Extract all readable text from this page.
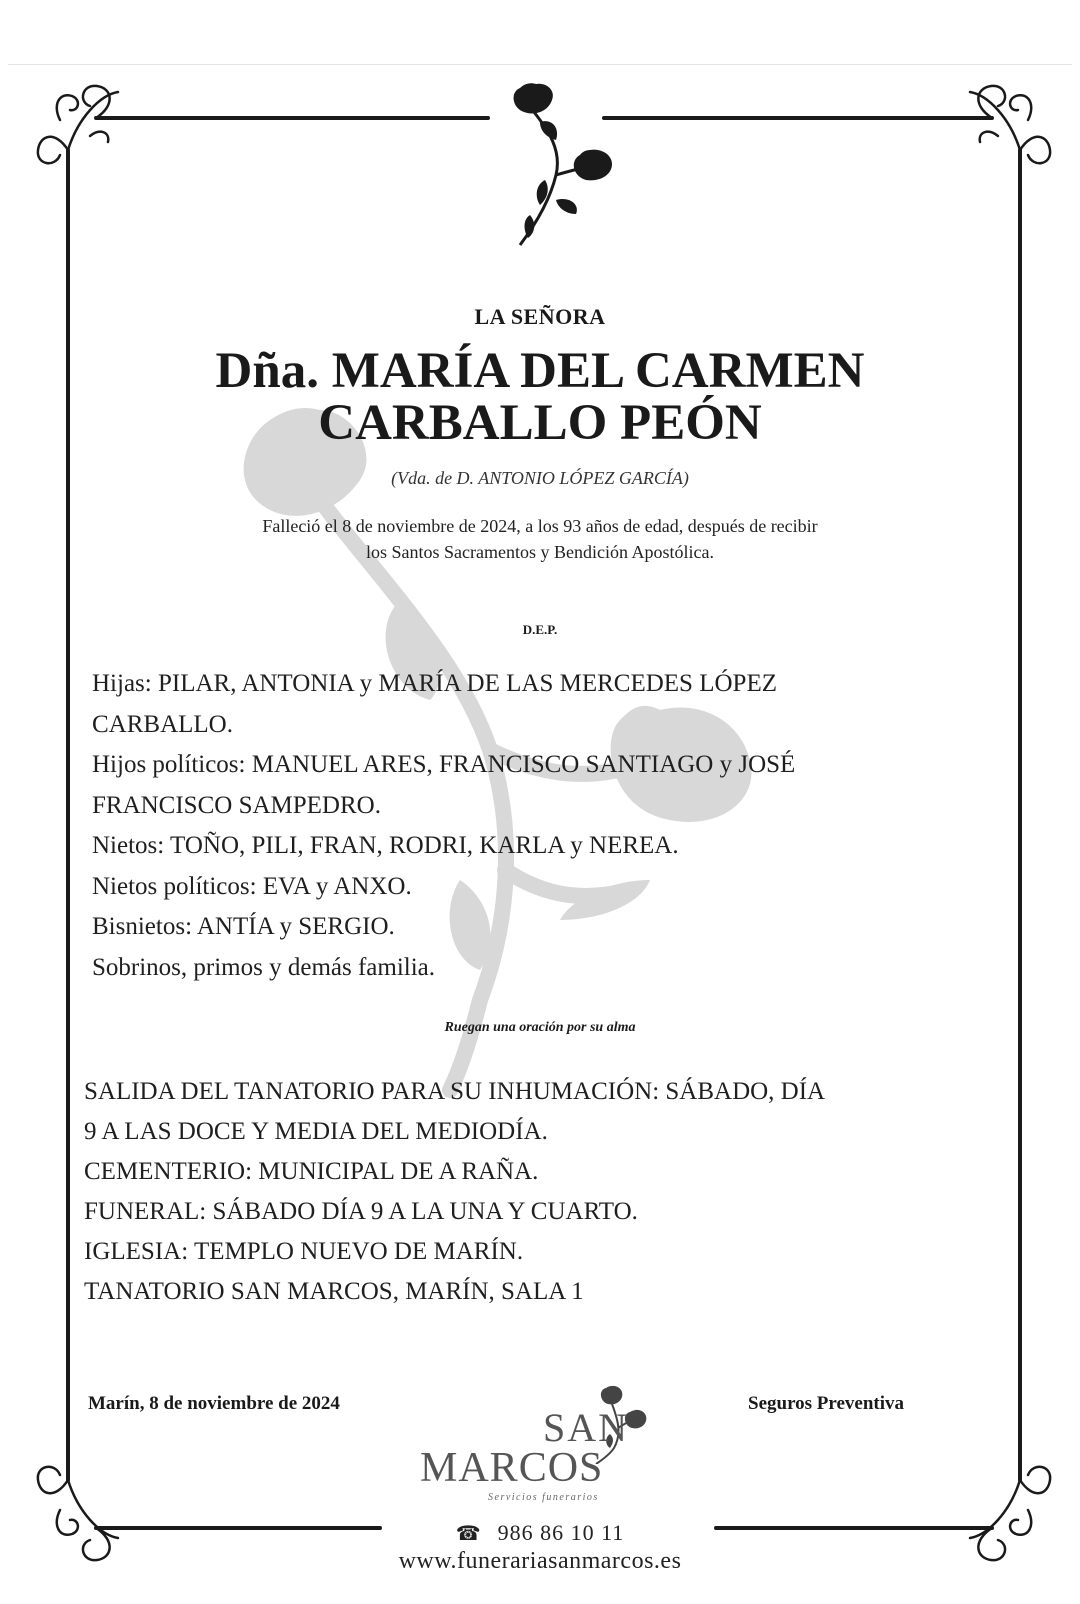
LA SEÑORA
Dña. MARÍA DEL CARMEN
CARBALLO PEÓN
(Vda. de D. ANTONIO LÓPEZ GARCÍA)
Falleció el 8 de noviembre de 2024, a los 93 años de edad, después de recibir
los Santos Sacramentos y Bendición Apostólica.
D.E.P.

Hijas: PILAR, ANTONIA y MARÍA DE LAS MERCEDES LÓPEZ

CARBALLO.

Hijos políticos: MANUEL ARES, FRANCISCO SANTIAGO y JOSÉ

FRANCISCO SAMPEDRO.

Nietos: TOÑO, PILI, FRAN, RODRI, KARLA y NEREA.

Nietos políticos: EVA y ANXO.

Bisnietos: ANTÍA y SERGIO.

Sobrinos, primos y demás familia.

Ruegan una oración por su alma

SALIDA DEL TANATORIO PARA SU INHUMACIÓN: SÁBADO, DÍA

9 A LAS DOCE Y MEDIA DEL MEDIODÍA.

CEMENTERIO: MUNICIPAL DE A RAÑA.

FUNERAL: SÁBADO DÍA 9 A LA UNA Y CUARTO.

IGLESIA: TEMPLO NUEVO DE MARÍN.

TANATORIO SAN MARCOS, MARÍN, SALA 1

Marín, 8 de noviembre de 2024	Seguros Preventiva
SAN
MARCOS
Servicios funerarios
☎ 986 86 10 11
www.funerariasanmarcos.es
